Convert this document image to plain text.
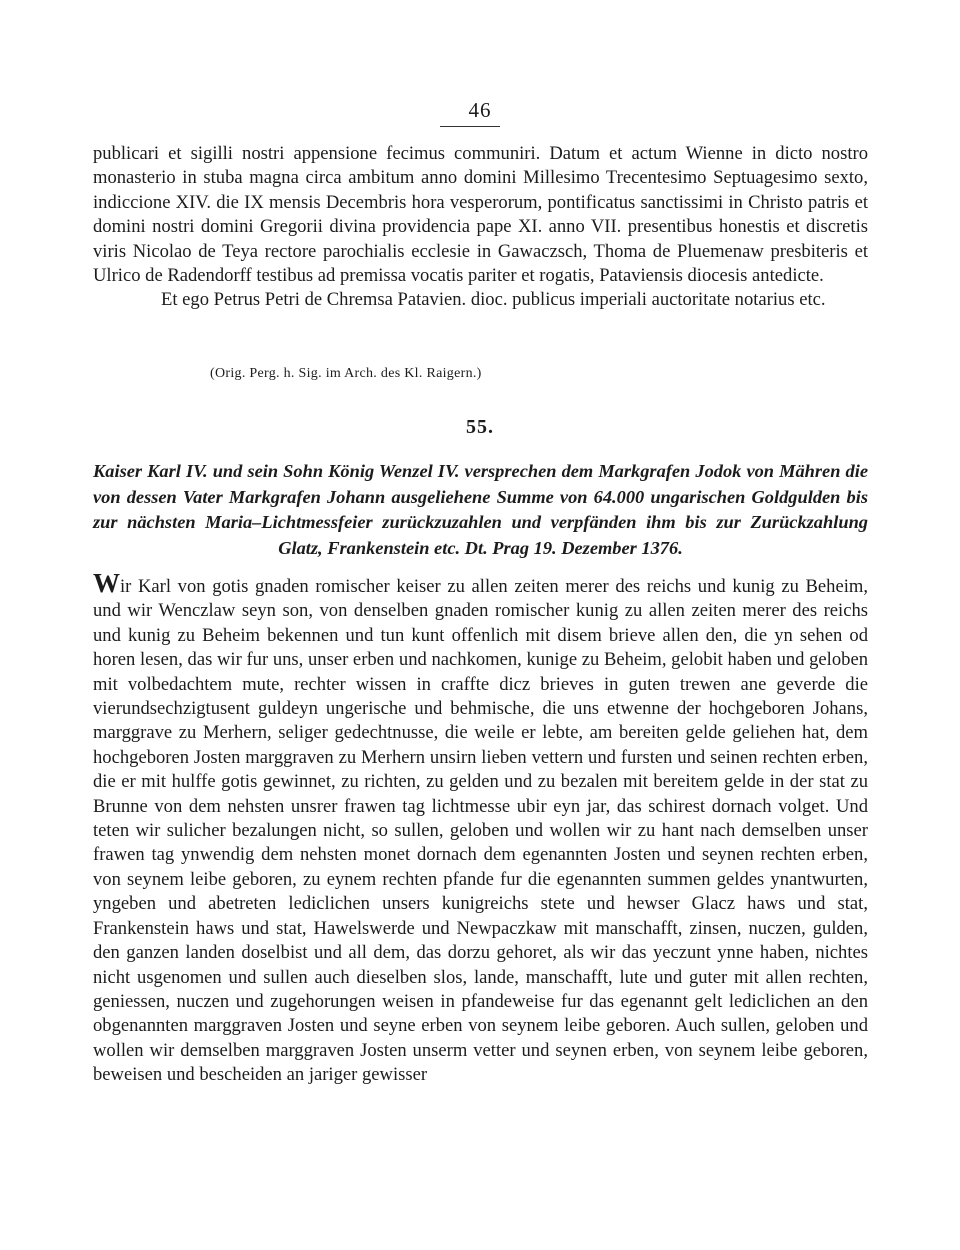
46

publicari et sigilli nostri appensione fecimus communiri. Datum et actum Wienne in dicto nostro monasterio in stuba magna circa ambitum anno domini Millesimo Trecentesimo Septuagesimo sexto, indiccione XIV. die IX mensis Decembris hora vesperorum, pontificatus sanctissimi in Christo patris et domini nostri domini Gregorii divina providencia pape XI. anno VII. presentibus honestis et discretis viris Nicolao de Teya rectore parochialis ecclesie in Gawaczsch, Thoma de Pluemenaw presbiteris et Ulrico de Radendorff testibus ad premissa vocatis pariter et rogatis, Pataviensis diocesis antedicte.

Et ego Petrus Petri de Chremsa Patavien. dioc. publicus imperiali auctoritate notarius etc.

(Orig. Perg. h. Sig. im Arch. des Kl. Raigern.)
55.

Kaiser Karl IV. und sein Sohn König Wenzel IV. versprechen dem Markgrafen Jodok von Mähren die von dessen Vater Markgrafen Johann ausgeliehene Summe von 64.000 ungarischen Goldgulden bis zur nächsten Maria–Lichtmessfeier zurückzuzahlen und verpfänden ihm bis zur Zurückzahlung Glatz, Frankenstein etc. Dt. Prag 19. Dezember 1376.

Wir Karl von gotis gnaden romischer keiser zu allen zeiten merer des reichs und kunig zu Beheim, und wir Wenczlaw seyn son, von denselben gnaden romischer kunig zu allen zeiten merer des reichs und kunig zu Beheim bekennen und tun kunt offenlich mit disem brieve allen den, die yn sehen od horen lesen, das wir fur uns, unser erben und nachkomen, kunige zu Beheim, gelobit haben und geloben mit volbedachtem mute, rechter wissen in craffte dicz brieves in guten trewen ane geverde die vierundsechzigtusent guldeyn ungerische und behmische, die uns etwenne der hochgeboren Johans, marggrave zu Merhern, seliger gedechtnusse, die weile er lebte, am bereiten gelde geliehen hat, dem hochgeboren Josten marggraven zu Merhern unsirn lieben vettern und fursten und seinen rechten erben, die er mit hulffe gotis gewinnet, zu richten, zu gelden und zu bezalen mit bereitem gelde in der stat zu Brunne von dem nehsten unsrer frawen tag lichtmesse ubir eyn jar, das schirest dornach volget. Und teten wir sulicher bezalungen nicht, so sullen, geloben und wollen wir zu hant nach demselben unser frawen tag ynwendig dem nehsten monet dornach dem egenannten Josten und seynen rechten erben, von seynem leibe geboren, zu eynem rechten pfande fur die egenannten summen geldes ynantwurten, yngeben und abetreten lediclichen unsers kunigreichs stete und hewser Glacz haws und stat, Frankenstein haws und stat, Hawelswerde und Newpaczkaw mit manschafft, zinsen, nuczen, gulden, den ganzen landen doselbist und all dem, das dorzu gehoret, als wir das yeczunt ynne haben, nichtes nicht usgenomen und sullen auch dieselben slos, lande, manschafft, lute und guter mit allen rechten, geniessen, nuczen und zugehorungen weisen in pfandeweise fur das egenannt gelt lediclichen an den obgenannten marggraven Josten und seyne erben von seynem leibe geboren. Auch sullen, geloben und wollen wir demselben marggraven Josten unserm vetter und seynen erben, von seynem leibe geboren, beweisen und bescheiden an jariger gewisser
